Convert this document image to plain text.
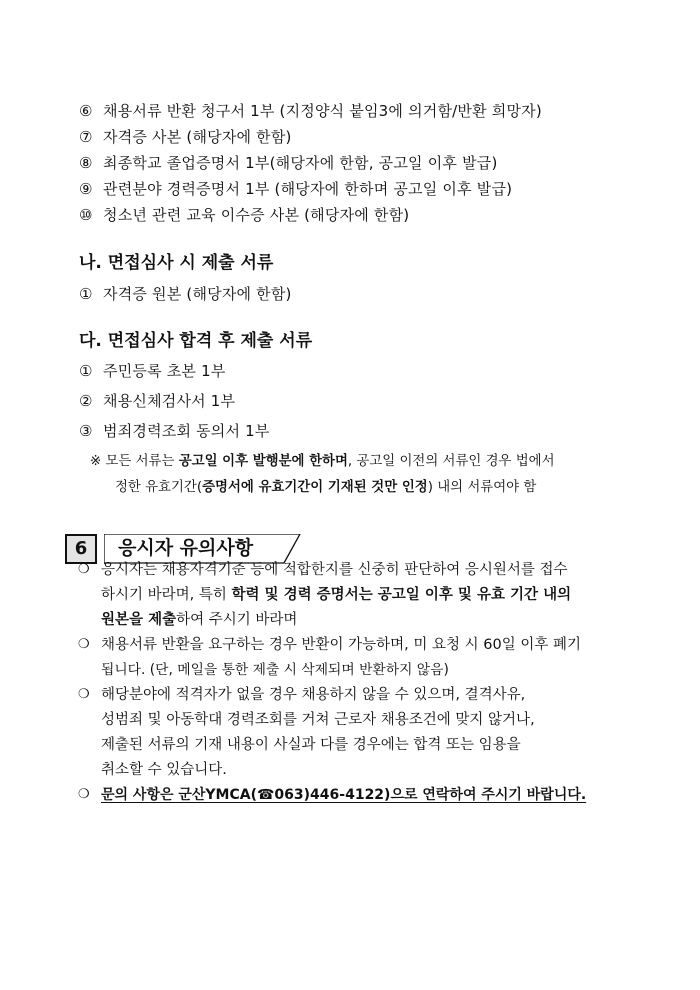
⑥ 채용서류 반환 청구서 1부 (지정양식 붙임3에 의거함/반환 희망자)
⑦ 자격증 사본 (해당자에 한함)
⑧ 최종학교 졸업증명서 1부(해당자에 한함, 공고일 이후 발급)
⑨ 관련분야 경력증명서 1부 (해당자에 한하며 공고일 이후 발급)
⑩ 청소년 관련 교육 이수증 사본 (해당자에 한함)
나. 면접심사 시 제출 서류
① 자격증 원본 (해당자에 한함)
다. 면접심사 합격 후 제출 서류
① 주민등록 초본 1부
② 채용신체검사서 1부
③ 범죄경력조회 동의서 1부
※ 모든 서류는 공고일 이후 발행분에 한하며, 공고일 이전의 서류인 경우 법에서
정한 유효기간(증명서에 유효기간이 기재된 것만 인정) 내의 서류여야 함
6	응시자 유의사항
❍ 응시자는 채용자격기준 등에 적합한지를 신중히 판단하여 응시원서를 접수
하시기 바라며, 특히 학력 및 경력 증명서는 공고일 이후 및 유효 기간 내의
원본을 제출하여 주시기 바라며
❍ 채용서류 반환을 요구하는 경우 반환이 가능하며, 미 요청 시 60일 이후 폐기
됩니다. (단, 메일을 통한 제출 시 삭제되며 반환하지 않음)
❍ 해당분야에 적격자가 없을 경우 채용하지 않을 수 있으며, 결격사유,
성범죄 및 아동학대 경력조회를 거쳐 근로자 채용조건에 맞지 않거나,
제출된 서류의 기재 내용이 사실과 다를 경우에는 합격 또는 임용을
취소할 수 있습니다.
❍ 문의 사항은 군산YMCA(☎063)446-4122)으로 연락하여 주시기 바랍니다.
